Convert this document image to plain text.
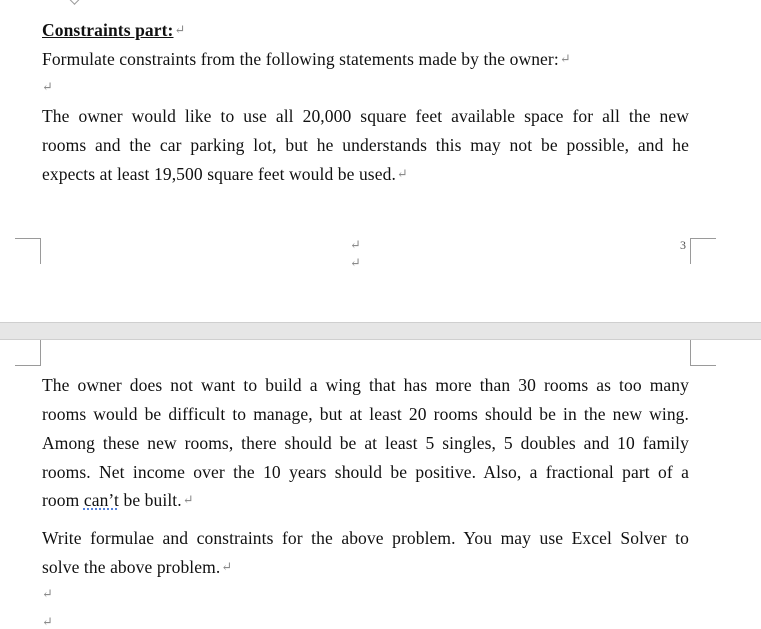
Constraints part:↵
Formulate constraints from the following statements made by the owner:↵
↵
The owner would like to use all 20,000 square feet available space for all the new
rooms and the car parking lot, but he understands this may not be possible, and he
expects at least 19,500 square feet would be used.↵
↵
↵
3
The owner does not want to build a wing that has more than 30 rooms as too many
rooms would be difficult to manage, but at least 20 rooms should be in the new wing.
Among these new rooms, there should be at least 5 singles, 5 doubles and 10 family
rooms. Net income over the 10 years should be positive. Also, a fractional part of a
room can’t be built.↵
Write formulae and constraints for the above problem. You may use Excel Solver to
solve the above problem.↵
↵
↵
